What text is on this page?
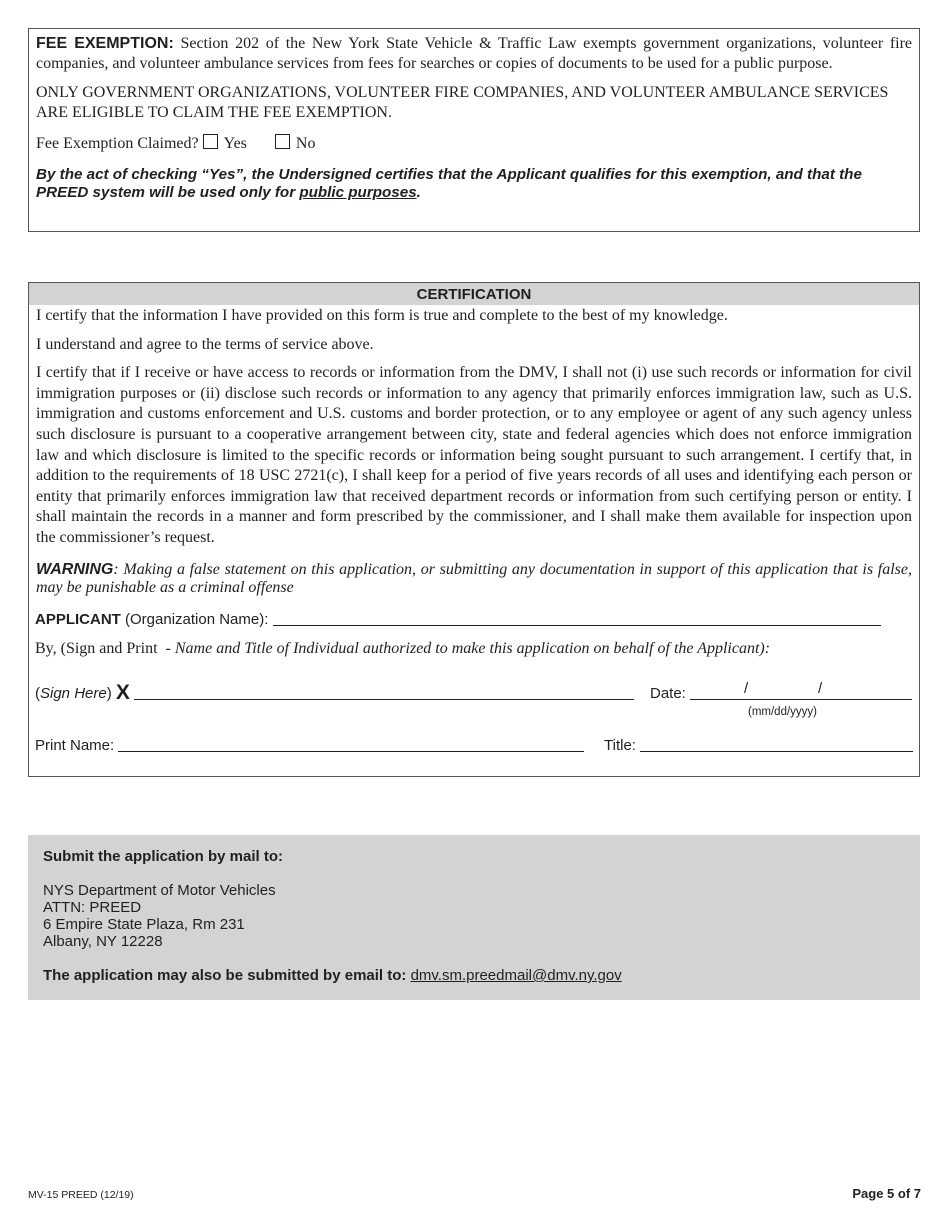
FEE EXEMPTION: Section 202 of the New York State Vehicle & Traffic Law exempts government organizations, volunteer fire companies, and volunteer ambulance services from fees for searches or copies of documents to be used for a public purpose.

ONLY GOVERNMENT ORGANIZATIONS, VOLUNTEER FIRE COMPANIES, AND VOLUNTEER AMBULANCE SERVICES ARE ELIGIBLE TO CLAIM THE FEE EXEMPTION.

Fee Exemption Claimed? Yes	No

By the act of checking “Yes”, the Undersigned certifies that the Applicant qualifies for this exemption, and that the PREED system will be used only for public purposes.

CERTIFICATION

I certify that the information I have provided on this form is true and complete to the best of my knowledge.

I understand and agree to the terms of service above.

I certify that if I receive or have access to records or information from the DMV, I shall not (i) use such records or information for civil immigration purposes or (ii) disclose such records or information to any agency that primarily enforces immigration law, such as U.S. immigration and customs enforcement and U.S. customs and border protection, or to any employee or agent of any such agency unless such disclosure is pursuant to a cooperative arrangement between city, state and federal agencies which does not enforce immigration law and which disclosure is limited to the specific records or information being sought pursuant to such arrangement. I certify that, in addition to the requirements of 18 USC 2721(c), I shall keep for a period of five years records of all uses and identifying each person or entity that primarily enforces immigration law that received department records or information from such certifying person or entity. I shall maintain the records in a manner and form prescribed by the commissioner, and I shall make them available for inspection upon the commissioner’s request.

WARNING: Making a false statement on this application, or submitting any documentation in support of this application that is false, may be punishable as a criminal offense

APPLICANT (Organization Name):
By, (Sign and Print - Name and Title of Individual authorized to make this application on behalf of the Applicant):
(Sign Here) X	Date:	/	/
(mm/dd/yyyy)
Print Name:	Title:
Submit the application by mail to:
NYS Department of Motor Vehicles
ATTN: PREED
6 Empire State Plaza, Rm 231
Albany, NY 12228
The application may also be submitted by email to: dmv.sm.preedmail@dmv.ny.gov
MV-15 PREED (12/19)	Page 5 of 7
